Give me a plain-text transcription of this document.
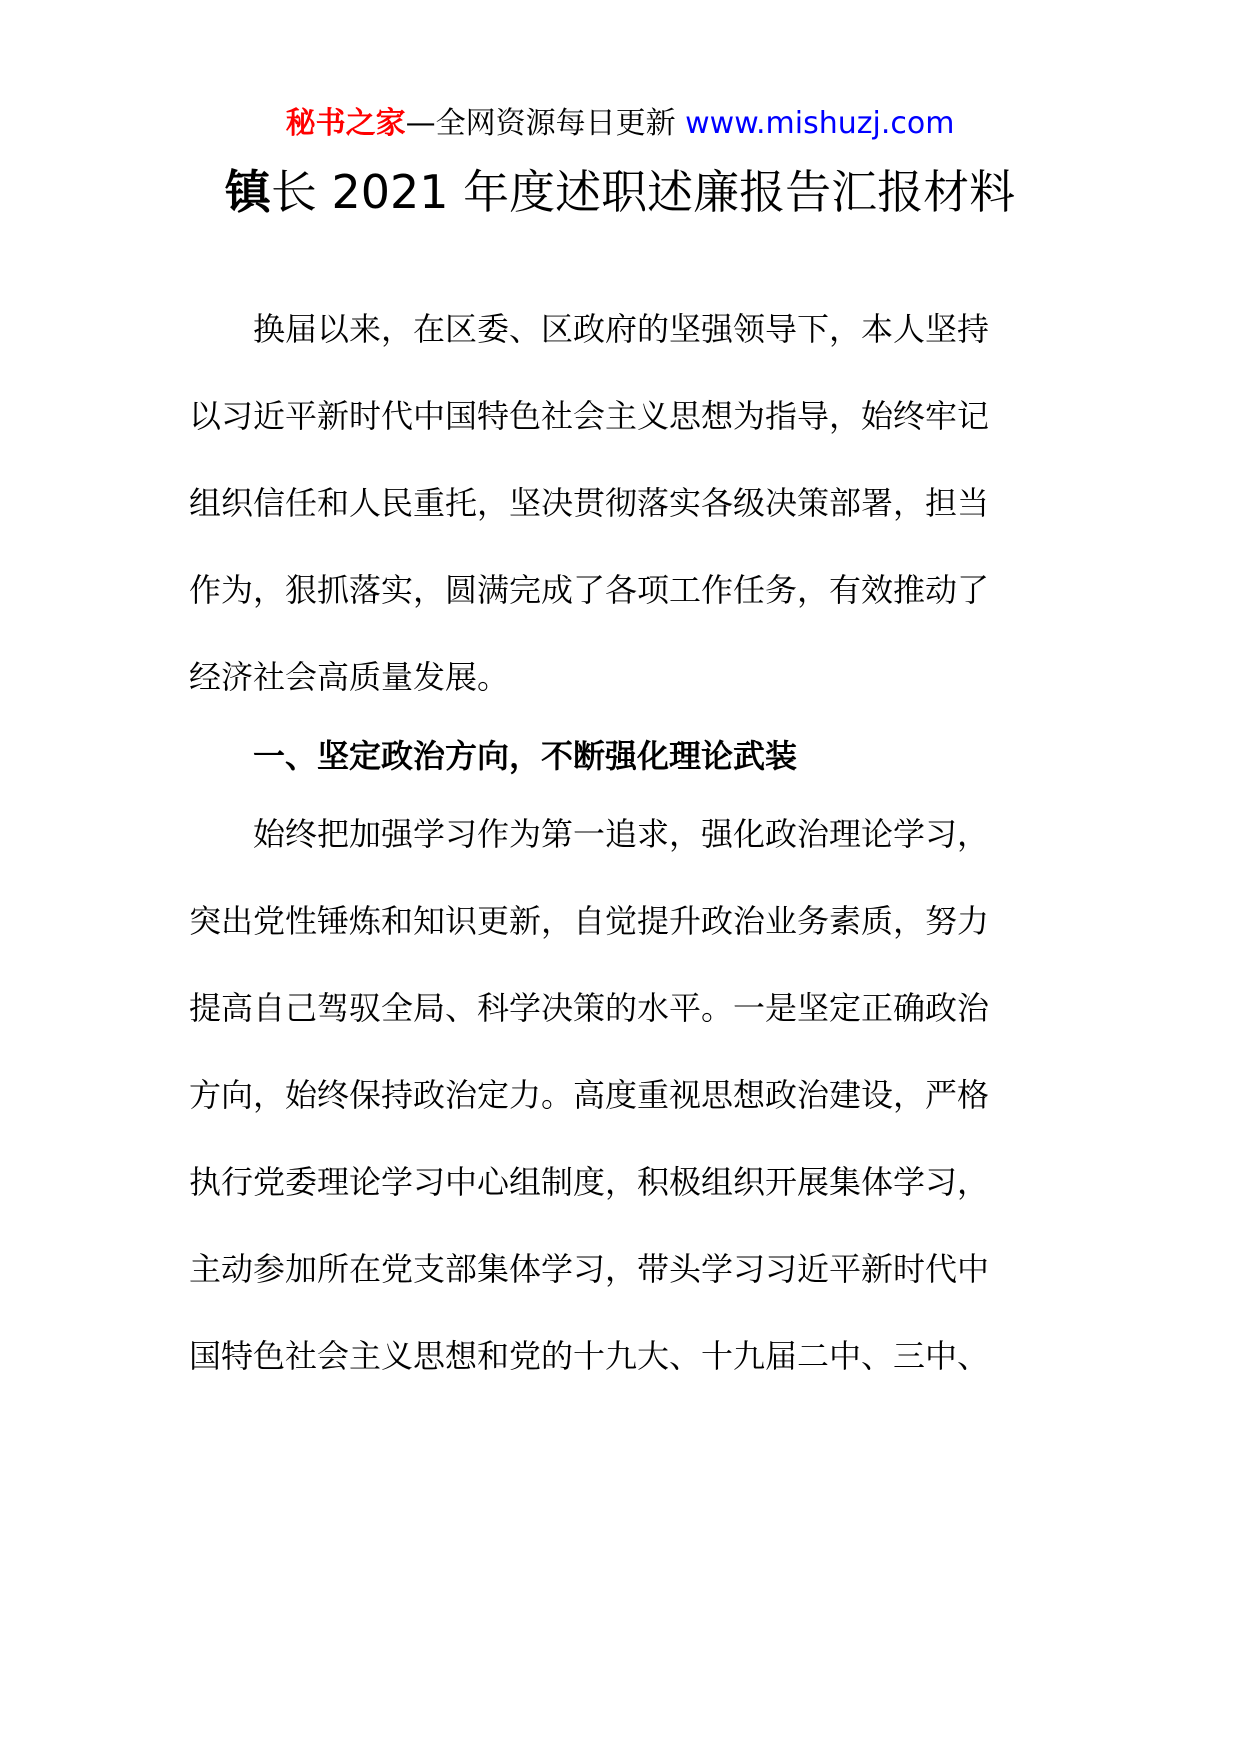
秘书之家—全网资源每日更新 www.mishuzj.com
镇长 2021 年度述职述廉报告汇报材料
换届以来，在区委、区政府的坚强领导下，本人坚持
以习近平新时代中国特色社会主义思想为指导，始终牢记
组织信任和人民重托，坚决贯彻落实各级决策部署，担当
作为，狠抓落实，圆满完成了各项工作任务，有效推动了
经济社会高质量发展。
一、坚定政治方向，不断强化理论武装
始终把加强学习作为第一追求，强化政治理论学习，
突出党性锤炼和知识更新，自觉提升政治业务素质，努力
提高自己驾驭全局、科学决策的水平。一是坚定正确政治
方向，始终保持政治定力。高度重视思想政治建设，严格
执行党委理论学习中心组制度，积极组织开展集体学习，
主动参加所在党支部集体学习，带头学习习近平新时代中
国特色社会主义思想和党的十九大、十九届二中、三中、
